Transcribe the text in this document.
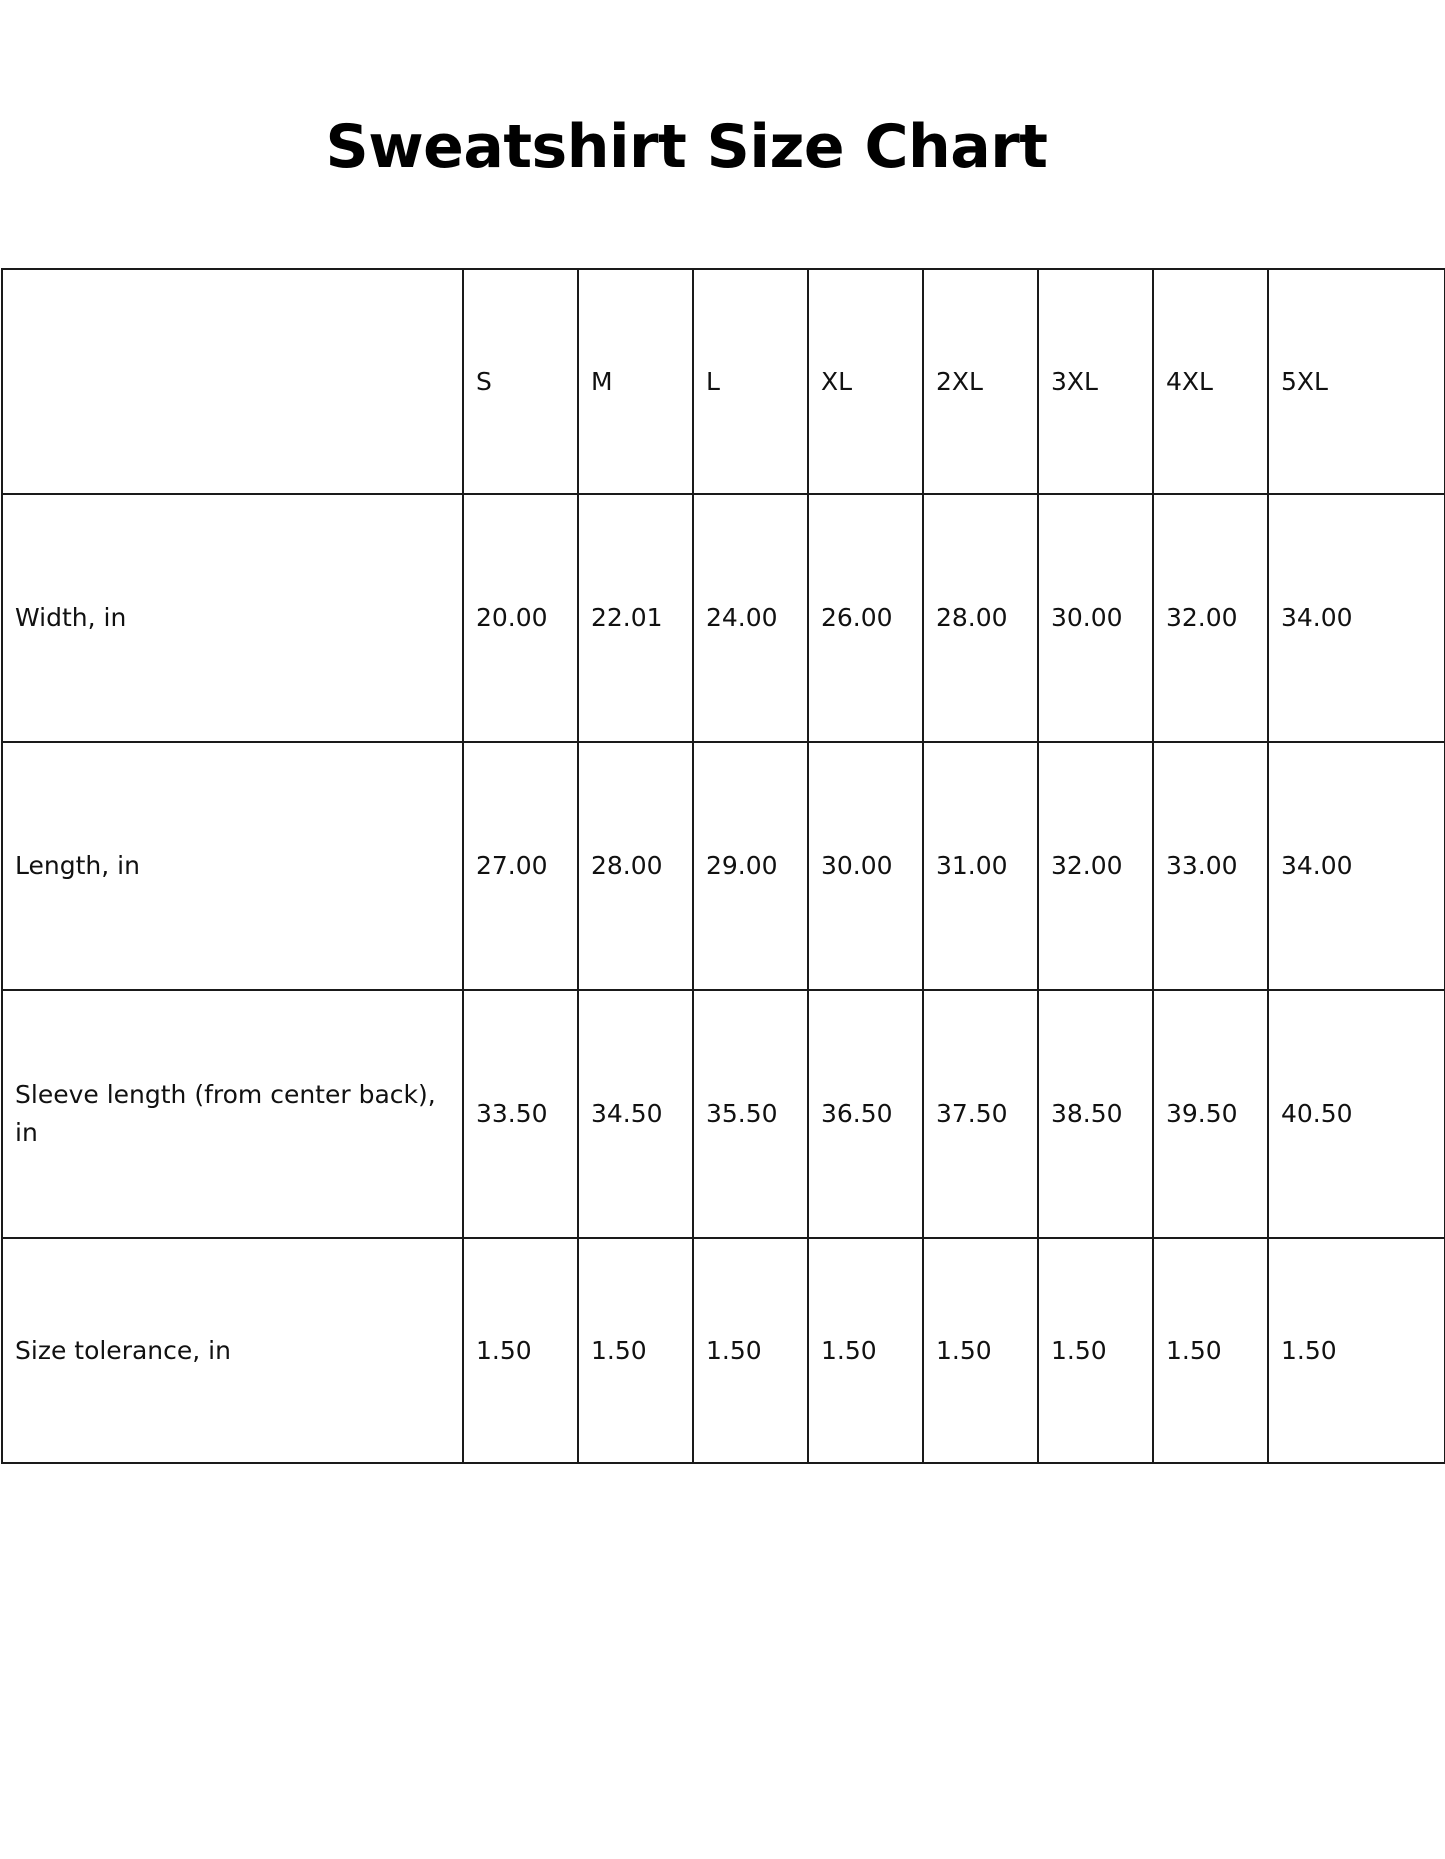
Sweatshirt Size Chart
	S	M	L	XL	2XL	3XL	4XL	5XL
Width, in	20.00	22.01	24.00	26.00	28.00	30.00	32.00	34.00
Length, in	27.00	28.00	29.00	30.00	31.00	32.00	33.00	34.00
Sleeve length (from center back), in	33.50	34.50	35.50	36.50	37.50	38.50	39.50	40.50
Size tolerance, in	1.50	1.50	1.50	1.50	1.50	1.50	1.50	1.50
